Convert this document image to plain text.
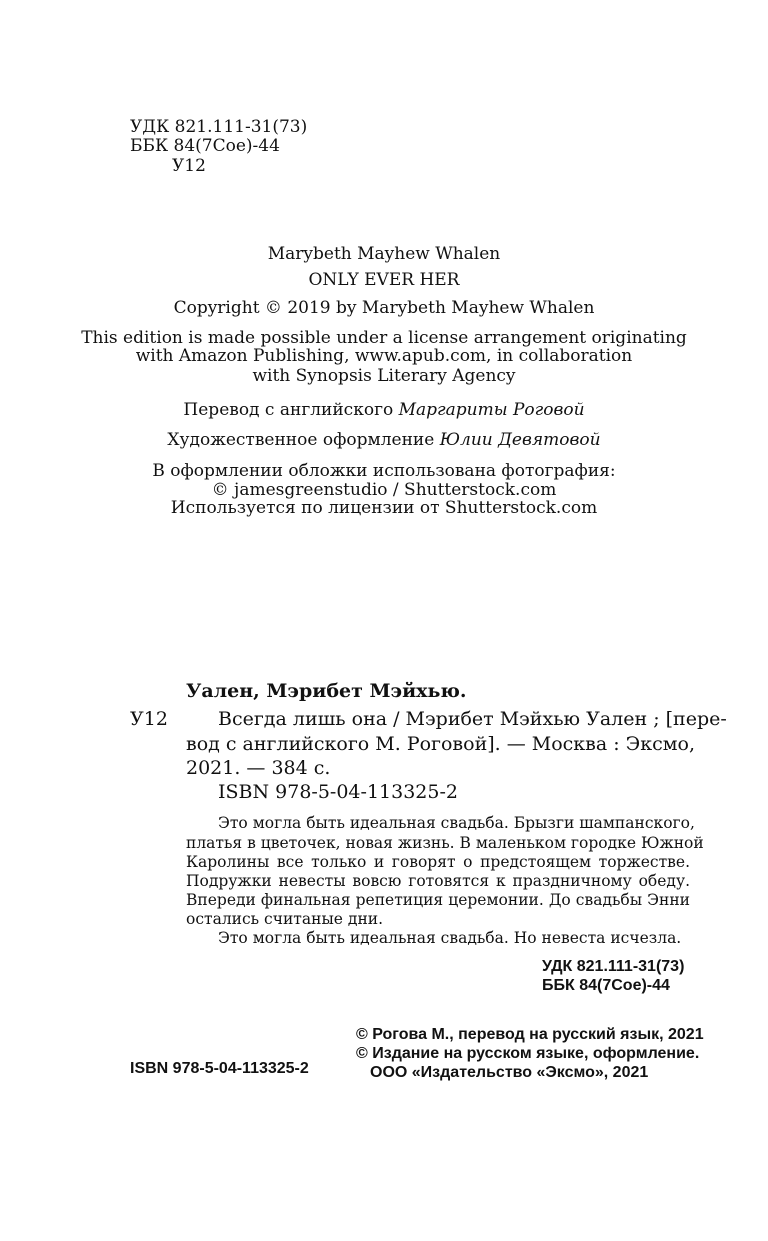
УДК 821.111-31(73)
ББК 84(7Сое)-44
У12
Marybeth Mayhew Whalen
ONLY EVER HER
Copyright © 2019 by Marybeth Mayhew Whalen
This edition is made possible under a license arrangement originating
with Amazon Publishing, www.apub.com, in collaboration
with Synopsis Literary Agency
Перевод с английского Маргариты Роговой
Художественное оформление Юлии Девятовой
В оформлении обложки использована фотография:
© jamesgreenstudio / Shutterstock.com
Используется по лицензии от Shutterstock.com
Уален, Мэрибет Мэйхью.
У12	Всегда лишь она / Мэрибет Мэйхью Уален ; [пере-
вод с английского М. Роговой]. — Москва : Эксмо,
2021. — 384 с.
ISBN 978-5-04-113325-2
Это могла быть идеальная свадьба. Брызги шампанского,
платья в цветочек, новая жизнь. В маленьком городке Южной
Каролины все только и говорят о предстоящем торжестве.
Подружки невесты вовсю готовятся к праздничному обеду.
Впереди финальная репетиция церемонии. До свадьбы Энни
остались считаные дни.
Это могла быть идеальная свадьба. Но невеста исчезла.
УДК 821.111-31(73)
ББК 84(7Сое)-44
© Рогова М., перевод на русский язык, 2021
© Издание на русском языке, оформление.
ООО «Издательство «Эксмо», 2021
ISBN 978-5-04-113325-2
